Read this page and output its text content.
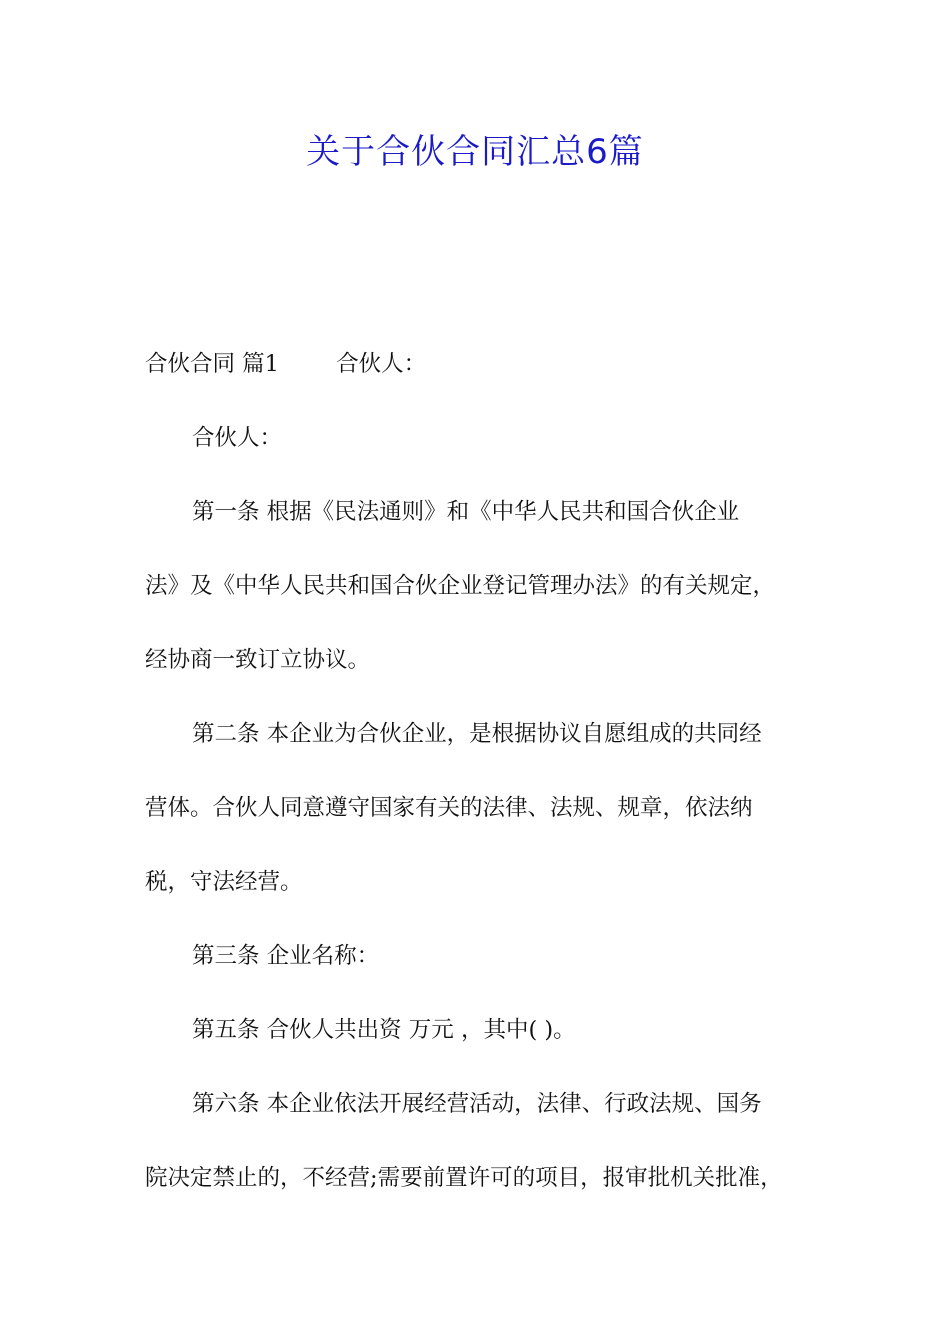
关于合伙合同汇总6篇
合伙合同 篇1	合伙人：
合伙人：
第一条 根据《民法通则》和《中华人民共和国合伙企业
法》及《中华人民共和国合伙企业登记管理办法》的有关规定，
经协商一致订立协议。
第二条 本企业为合伙企业，是根据协议自愿组成的共同经
营体。合伙人同意遵守国家有关的法律、法规、规章，依法纳
税，守法经营。
第三条 企业名称：
第五条 合伙人共出资 万元 ，其中( )。
第六条 本企业依法开展经营活动，法律、行政法规、国务
院决定禁止的，不经营;需要前置许可的项目，报审批机关批准，
